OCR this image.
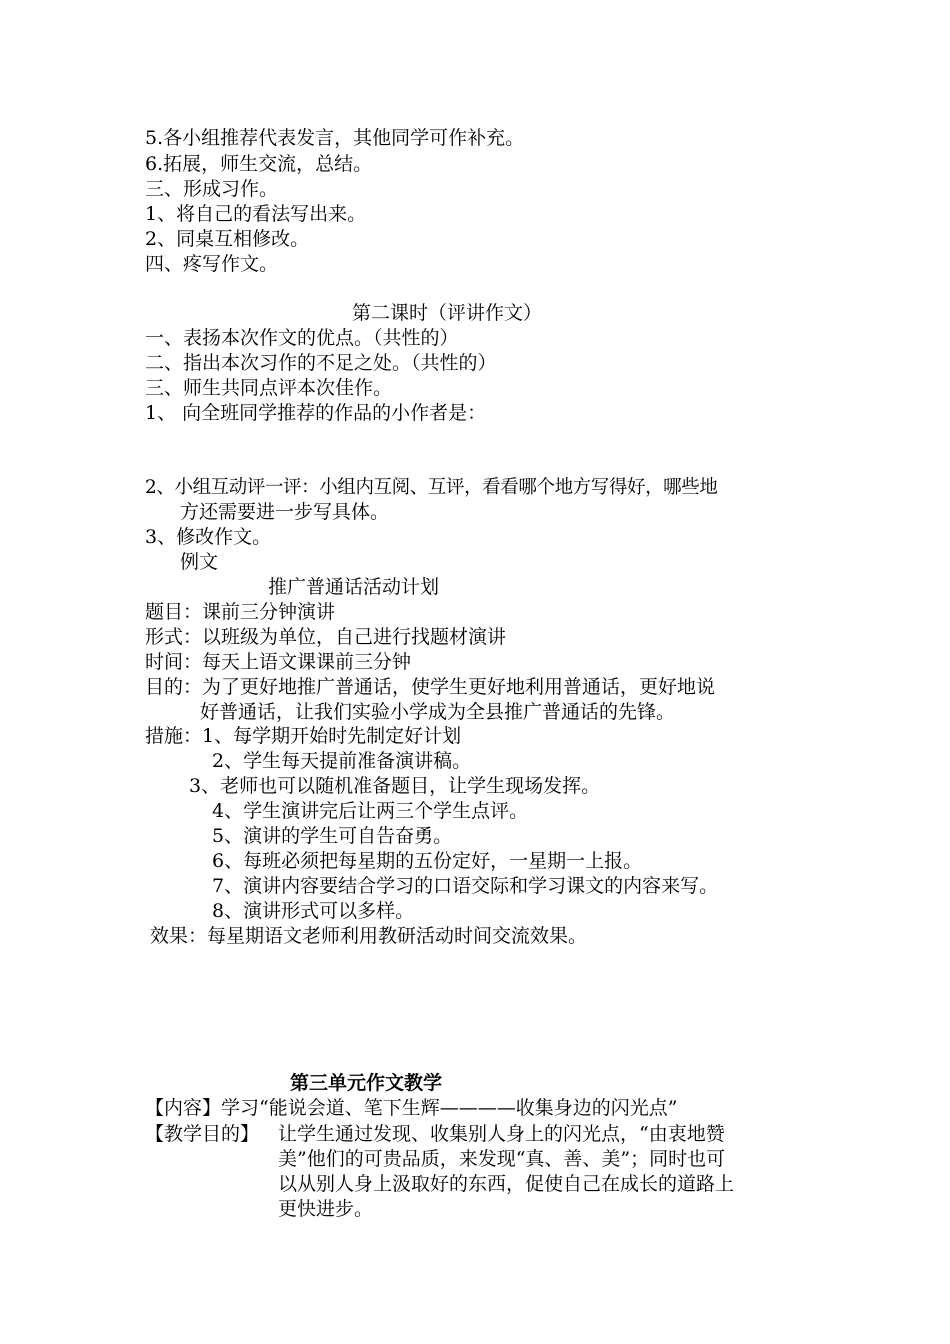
5.各小组推荐代表发言，其他同学可作补充。
6.拓展，师生交流，总结。
三、形成习作。
1、将自己的看法写出来。
2、同桌互相修改。
四、疼写作文。
第二课时（评讲作文）
一、表扬本次作文的优点。（共性的）
二、指出本次习作的不足之处。（共性的）
三、师生共同点评本次佳作。
1、 向全班同学推荐的作品的小作者是：
2、小组互动评一评：小组内互阅、互评，看看哪个地方写得好，哪些地
方还需要进一步写具体。
3、修改作文。
例文
推广普通话活动计划
题目：课前三分钟演讲
形式：以班级为单位，自己进行找题材演讲
时间：每天上语文课课前三分钟
目的：为了更好地推广普通话，使学生更好地利用普通话，更好地说
好普通话，让我们实验小学成为全县推广普通话的先锋。
措施：1、每学期开始时先制定好计划
2、学生每天提前准备演讲稿。
3、老师也可以随机准备题目，让学生现场发挥。
4、学生演讲完后让两三个学生点评。
5、演讲的学生可自告奋勇。
6、每班必须把每星期的五份定好，一星期一上报。
7、演讲内容要结合学习的口语交际和学习课文的内容来写。
8、演讲形式可以多样。
效果：每星期语文老师利用教研活动时间交流效果。
第三单元作文教学
【内容】学习“能说会道、笔下生辉————收集身边的闪光点”
【教学目的】 让学生通过发现、收集别人身上的闪光点，“由衷地赞
美”他们的可贵品质，来发现“真、善、美”；同时也可
以从别人身上汲取好的东西，促使自己在成长的道路上
更快进步。
